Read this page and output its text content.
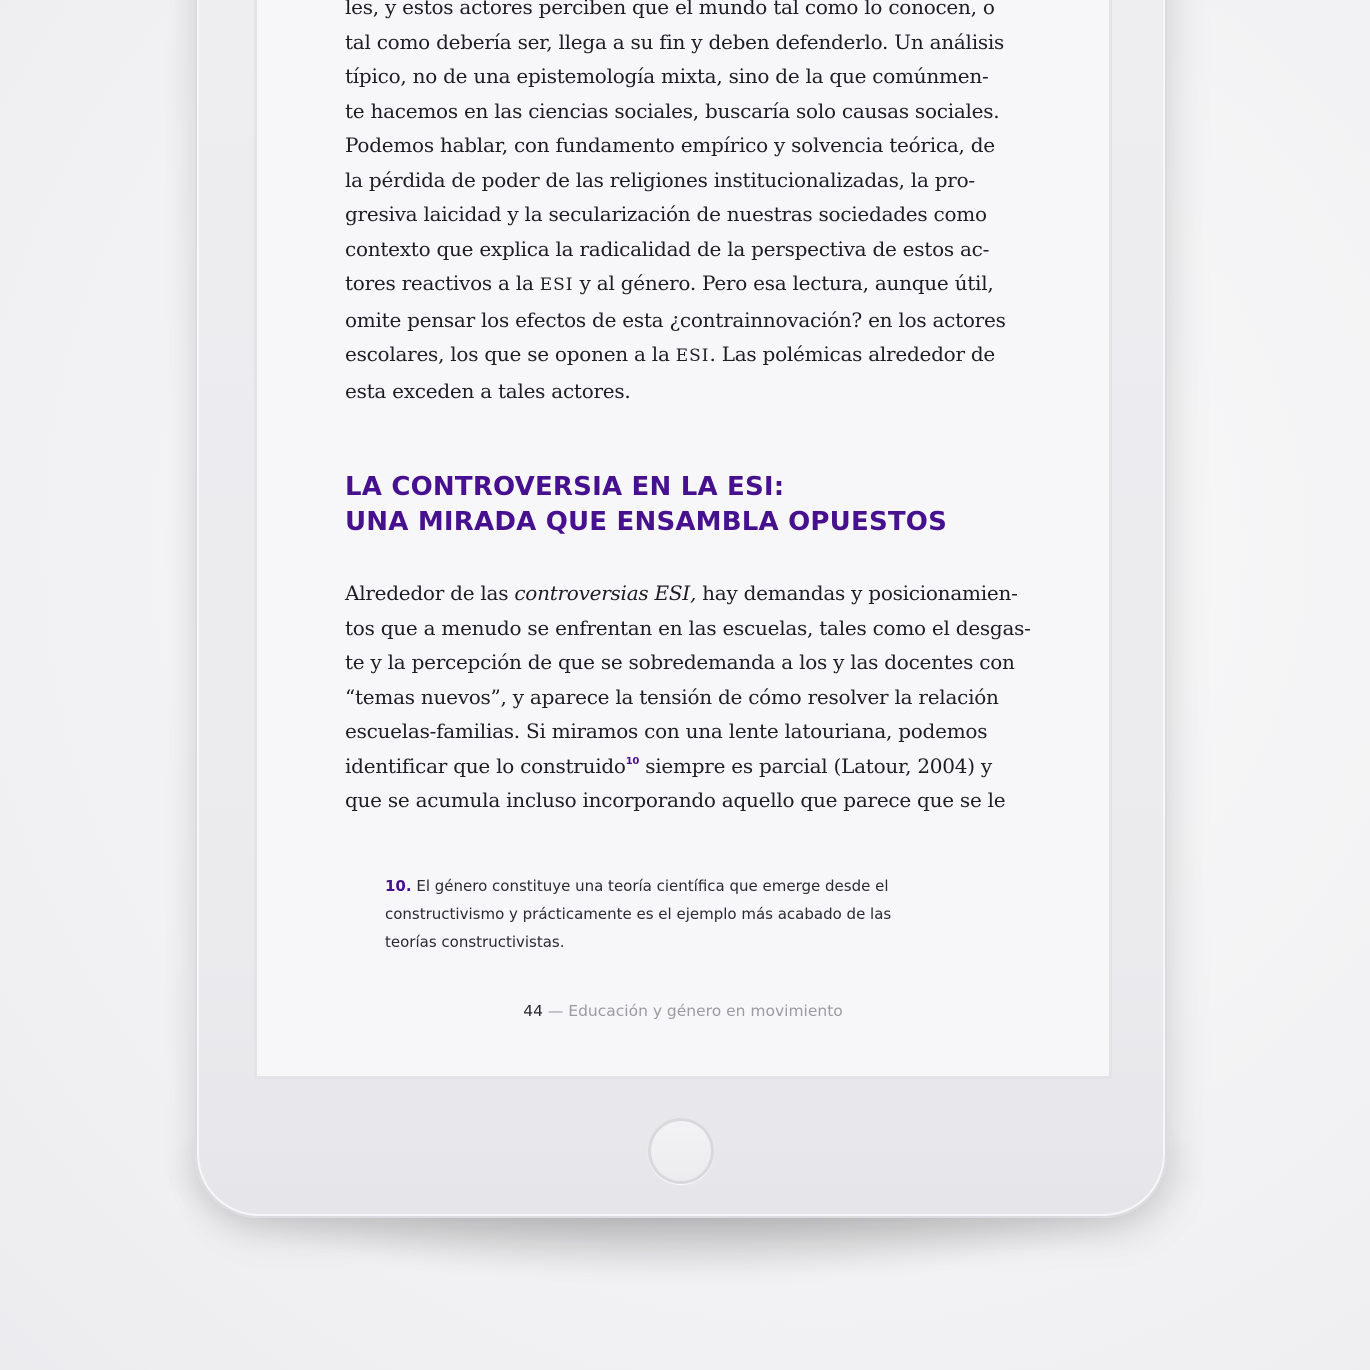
les, y estos actores perciben que el mundo tal como lo conocen, o
tal como debería ser, llega a su fin y deben defenderlo. Un análisis
típico, no de una epistemología mixta, sino de la que comúnmen-
te hacemos en las ciencias sociales, buscaría solo causas sociales.
Podemos hablar, con fundamento empírico y solvencia teórica, de
la pérdida de poder de las religiones institucionalizadas, la pro-
gresiva laicidad y la secularización de nuestras sociedades como
contexto que explica la radicalidad de la perspectiva de estos ac-
tores reactivos a la ESI y al género. Pero esa lectura, aunque útil,
omite pensar los efectos de esta ¿contrainnovación? en los actores
escolares, los que se oponen a la ESI. Las polémicas alrededor de
esta exceden a tales actores.

LA CONTROVERSIA EN LA ESI:
UNA MIRADA QUE ENSAMBLA OPUESTOS

Alrededor de las controversias ESI, hay demandas y posicionamien-
tos que a menudo se enfrentan en las escuelas, tales como el desgas-
te y la percepción de que se sobredemanda a los y las docentes con
“temas nuevos”, y aparece la tensión de cómo resolver la relación
escuelas-familias. Si miramos con una lente latouriana, podemos
identificar que lo construido$^{10}$ siempre es parcial (Latour, 2004) y
que se acumula incluso incorporando aquello que parece que se le

10. El género constituye una teoría científica que emerge desde el
constructivismo y prácticamente es el ejemplo más acabado de las
teorías constructivistas.
44 — Educación y género en movimiento
